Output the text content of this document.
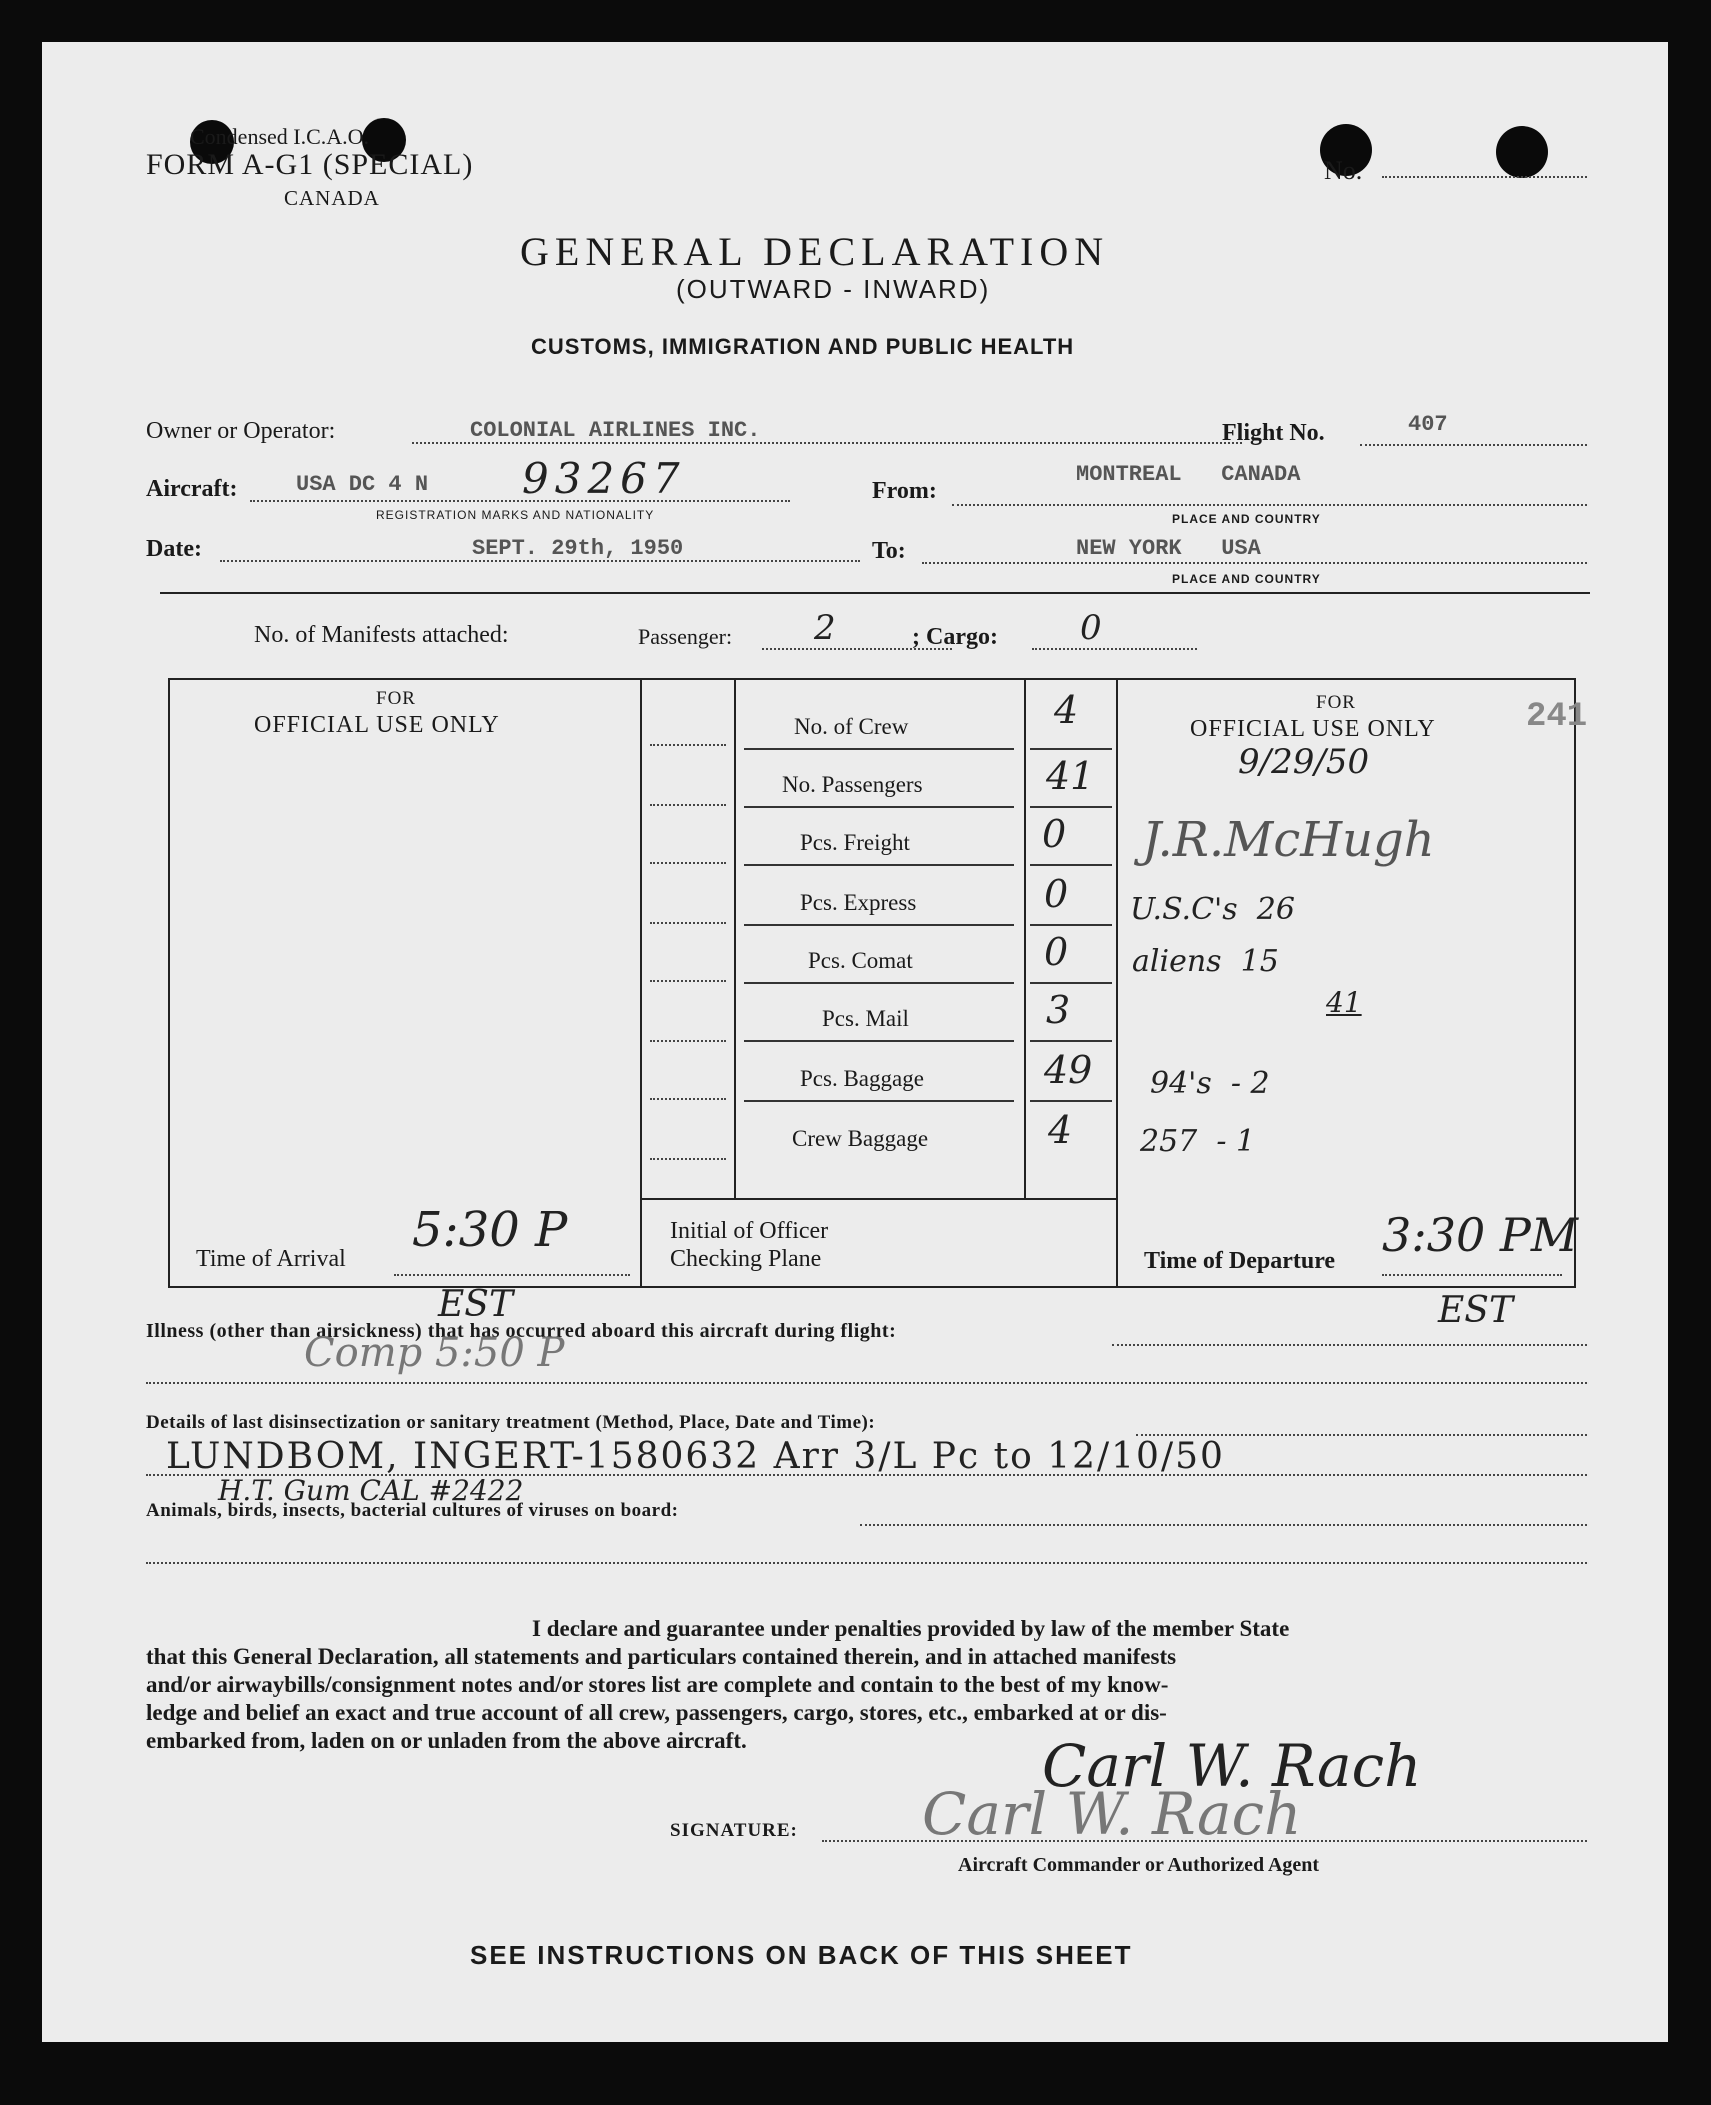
Condensed I.C.A.O.
FORM A-G1 (SPECIAL)
CANADA
No.
GENERAL DECLARATION
(OUTWARD - INWARD)
CUSTOMS, IMMIGRATION AND PUBLIC HEALTH
Owner or Operator:	COLONIAL AIRLINES INC.	Flight No.	407
Aircraft:	USA DC 4 N 93267
REGISTRATION MARKS AND NATIONALITY
From:
MONTREAL   CANADA
PLACE AND COUNTRY
Date:	SEPT. 29th, 1950	To:	NEW YORK   USA
PLACE AND COUNTRY
No. of Manifests attached:	Passenger: 2	; Cargo: 0
FOR
OFFICIAL USE ONLY
FOR
OFFICIAL USE ONLY	241
No. of Crew	4
No. Passengers	41
Pcs. Freight	0
Pcs. Express	0
Pcs. Comat	0
Pcs. Mail	3
Pcs. Baggage	49
Crew Baggage	4
9/29/50
J.R.McHugh
U.S.C's  26
aliens  15
41
94's  - 2
257  - 1
Time of Arrival
5:30 P	Initial of Officer
Checking Plane	Time of Departure 3:30 PM
EST	EST
Illness (other than airsickness) that has occurred aboard this aircraft during flight:
Comp 5:50 P
Details of last disinsectization or sanitary treatment (Method, Place, Date and Time):
LUNDBOM, INGERT-1580632 Arr 3/L Pc to 12/10/50
H.T. Gum CAL #2422
Animals, birds, insects, bacterial cultures of viruses on board:
I declare and guarantee under penalties provided by law of the member State
that this General Declaration, all statements and particulars contained therein, and in attached manifests
and/or airwaybills/consignment notes and/or stores list are complete and contain to the best of my know-
ledge and belief an exact and true account of all crew, passengers, cargo, stores, etc., embarked at or dis-
embarked from, laden on or unladen from the above aircraft.	Carl W. Rach
Carl W. Rach
SIGNATURE:
Aircraft Commander or Authorized Agent
SEE INSTRUCTIONS ON BACK OF THIS SHEET
